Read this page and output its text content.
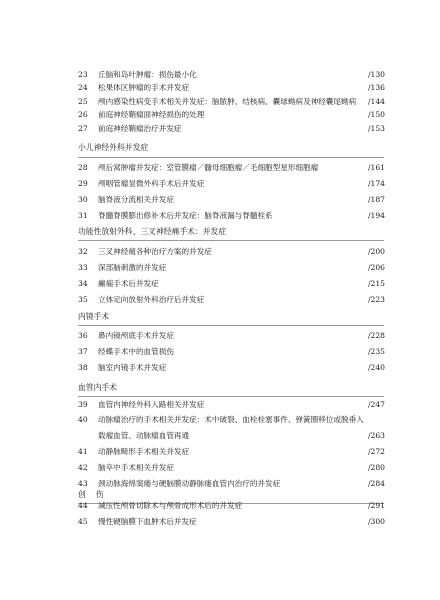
23	丘脑和岛叶肿瘤：损伤最小化	/130
24	松果体区肿瘤的手术并发症	/136
25	颅内感染性病变手术相关并发症：脑脓肿、结核病、囊球蚴病及神经囊尾蚴病 /144
26	前庭神经鞘瘤面神经损伤的处理	/150
27	前庭神经鞘瘤治疗并发症	/153
小儿神经外科并发症
28	颅后窝肿瘤并发症：室管膜瘤／髓母细胞瘤／毛细胞型星形细胞瘤	/161
29	颅咽管瘤显微外科手术后并发症	/174
30	脑脊液分流相关并发症	/187
31	脊髓脊膜膨出修补术后并发症：脑脊液漏与脊髓栓系	/194
功能性放射外科、三叉神经痛手术：并发症
32	三叉神经痛各种治疗方案的并发症	/200
33	深部脑刺激的并发症	/206
34	癫痫手术后并发症	/215
35	立体定向放射外科治疗后并发症	/223
内镜手术
36	鼻内镜颅底手术并发症	/228
37	经蝶手术中的血管损伤	/235
38	脑室内镜手术并发症	/240
血管内手术
39	血管内神经外科入路相关并发症	/247
40	动脉瘤治疗的手术相关并发症：术中破裂、血栓栓塞事件、弹簧圈移位或脱垂入
载瘤血管、动脉瘤血管再通	/263
41	动静脉畸形手术相关并发症	/272
42	脑卒中手术相关并发症	/280
43	颈动脉海绵窦瘘与硬脑膜动静脉瘘血管内治疗的并发症	/284
创伤
44	减压性颅骨切除术与颅骨成形术后的并发症	/291
45	慢性硬脑膜下血肿术后并发症	/300
